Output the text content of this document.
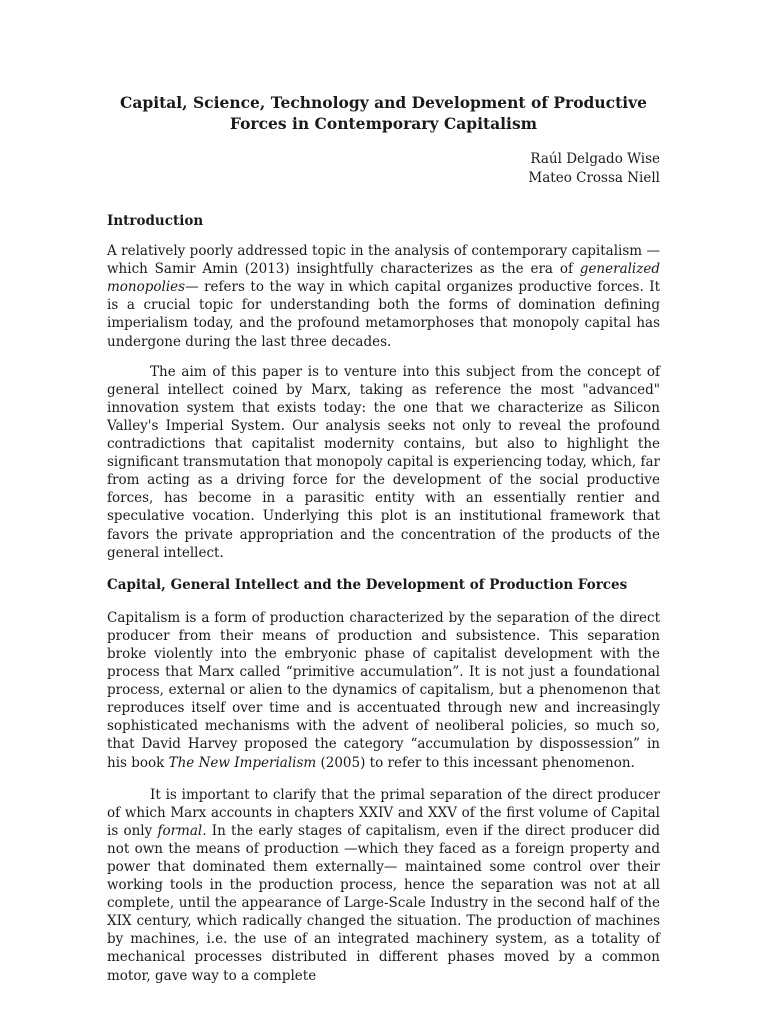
Capital, Science, Technology and Development of Productive Forces in Contemporary Capitalism
Raúl Delgado Wise
Mateo Crossa Niell
Introduction

A relatively poorly addressed topic in the analysis of contemporary capitalism — which Samir Amin (2013) insightfully characterizes as the era of generalized monopolies— refers to the way in which capital organizes productive forces. It is a crucial topic for understanding both the forms of domination defining imperialism today, and the profound metamorphoses that monopoly capital has undergone during the last three decades.

The aim of this paper is to venture into this subject from the concept of general intellect coined by Marx, taking as reference the most "advanced" innovation system that exists today: the one that we characterize as Silicon Valley's Imperial System. Our analysis seeks not only to reveal the profound contradictions that capitalist modernity contains, but also to highlight the significant transmutation that monopoly capital is experiencing today, which, far from acting as a driving force for the development of the social productive forces, has become in a parasitic entity with an essentially rentier and speculative vocation. Underlying this plot is an institutional framework that favors the private appropriation and the concentration of the products of the general intellect.

Capital, General Intellect and the Development of Production Forces

Capitalism is a form of production characterized by the separation of the direct producer from their means of production and subsistence. This separation broke violently into the embryonic phase of capitalist development with the process that Marx called “primitive accumulation”. It is not just a foundational process, external or alien to the dynamics of capitalism, but a phenomenon that reproduces itself over time and is accentuated through new and increasingly sophisticated mechanisms with the advent of neoliberal policies, so much so, that David Harvey proposed the category “accumulation by dispossession” in his book The New Imperialism (2005) to refer to this incessant phenomenon.

It is important to clarify that the primal separation of the direct producer of which Marx accounts in chapters XXIV and XXV of the first volume of Capital is only formal. In the early stages of capitalism, even if the direct producer did not own the means of production —which they faced as a foreign property and power that dominated them externally— maintained some control over their working tools in the production process, hence the separation was not at all complete, until the appearance of Large-Scale Industry in the second half of the XIX century, which radically changed the situation. The production of machines by machines, i.e. the use of an integrated machinery system, as a totality of mechanical processes distributed in different phases moved by a common motor, gave way to a complete
